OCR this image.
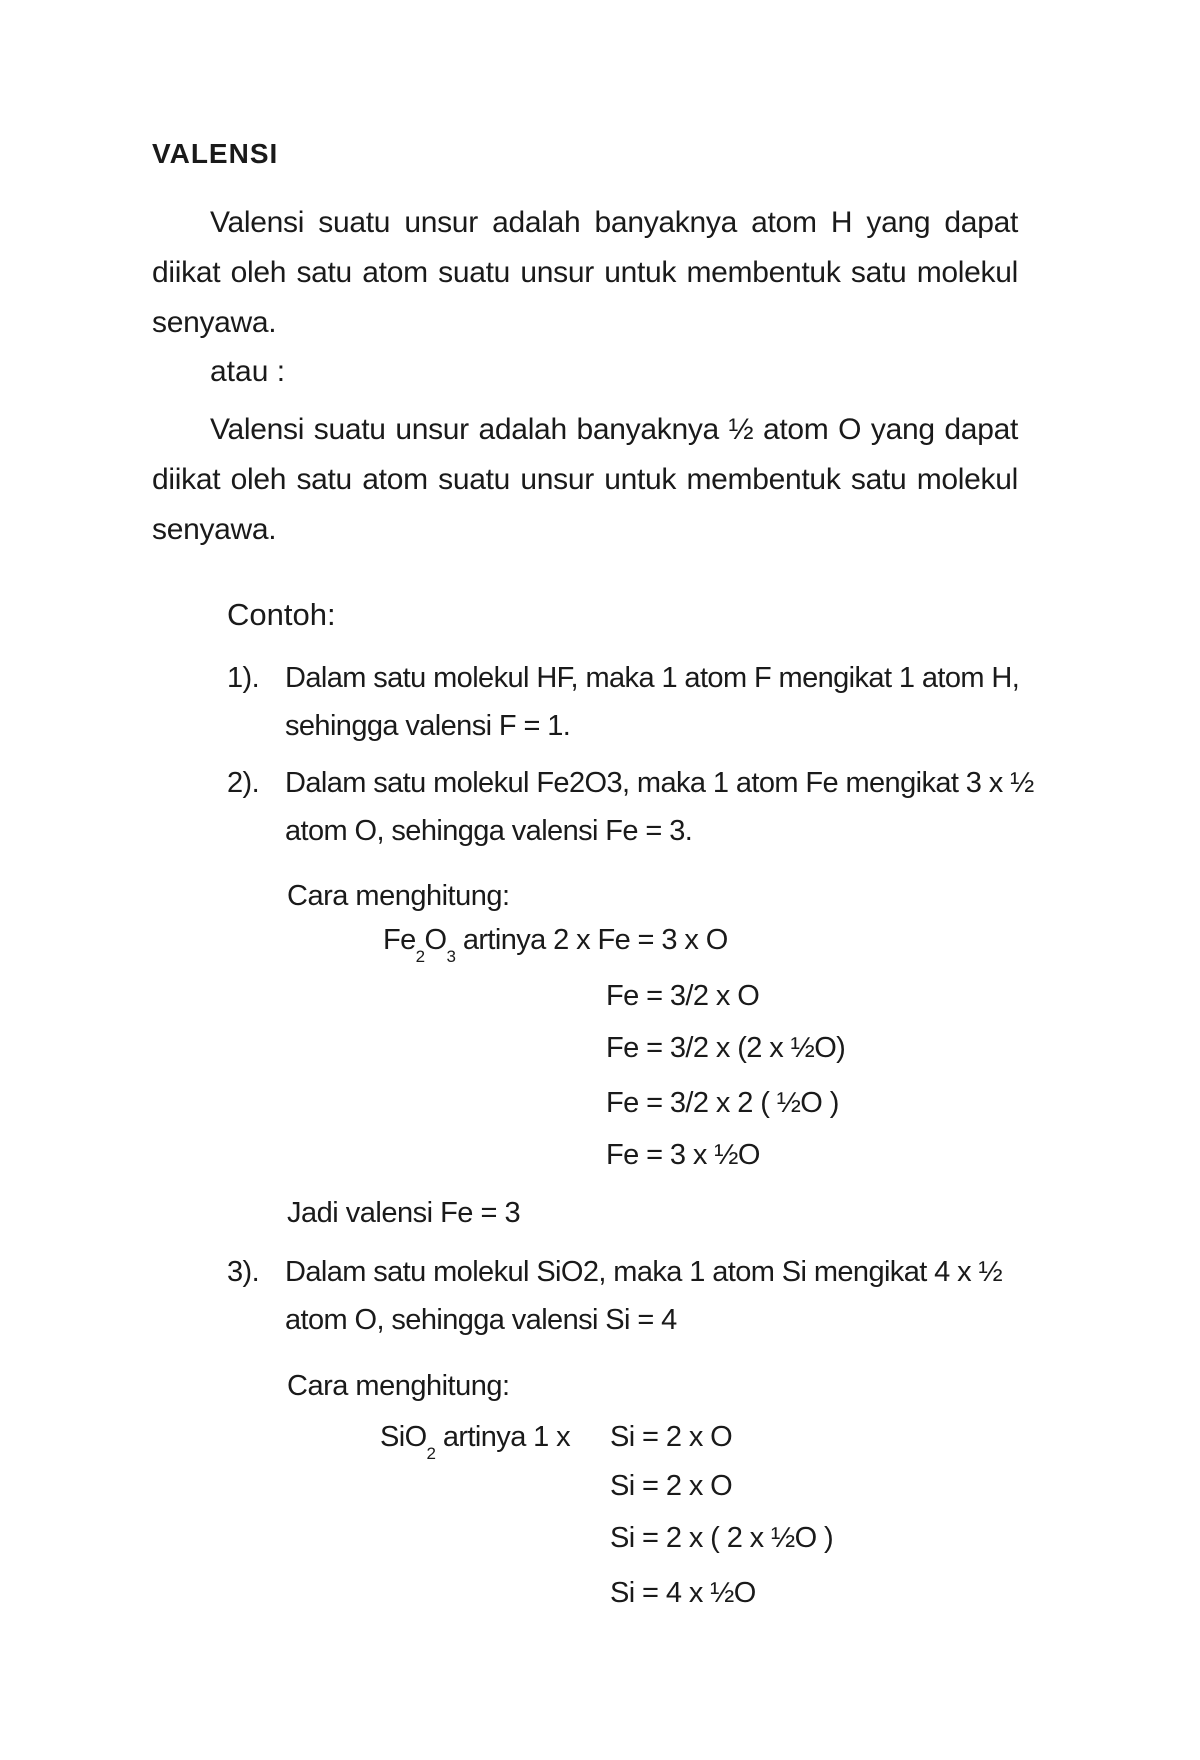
VALENSI
Valensi suatu unsur adalah banyaknya atom H yang dapat diikat oleh satu atom suatu unsur untuk membentuk satu molekul senyawa.
atau :
Valensi suatu unsur adalah banyaknya ½ atom O yang dapat diikat oleh satu atom suatu unsur untuk membentuk satu molekul senyawa.
Contoh:
1). Dalam satu molekul HF, maka 1 atom F mengikat 1 atom H, sehingga valensi F = 1.
2). Dalam satu molekul Fe2O3, maka 1 atom Fe mengikat 3 x ½ atom O, sehingga valensi Fe = 3.
Cara menghitung:
$Fe_2O_3$ artinya 2 x Fe = 3 x O
Fe = 3/2 x O
Fe = 3/2 x (2 x ½O)
Fe = 3/2 x 2 ( ½O )
Fe = 3 x ½O
Jadi valensi Fe = 3
3). Dalam satu molekul SiO2, maka 1 atom Si mengikat 4 x ½ atom O, sehingga valensi Si = 4
Cara menghitung:
SiO$_2$ artinya 1 x Si = 2 x O
Si = 2 x O
Si = 2 x ( 2 x ½O )
Si = 4 x ½O
